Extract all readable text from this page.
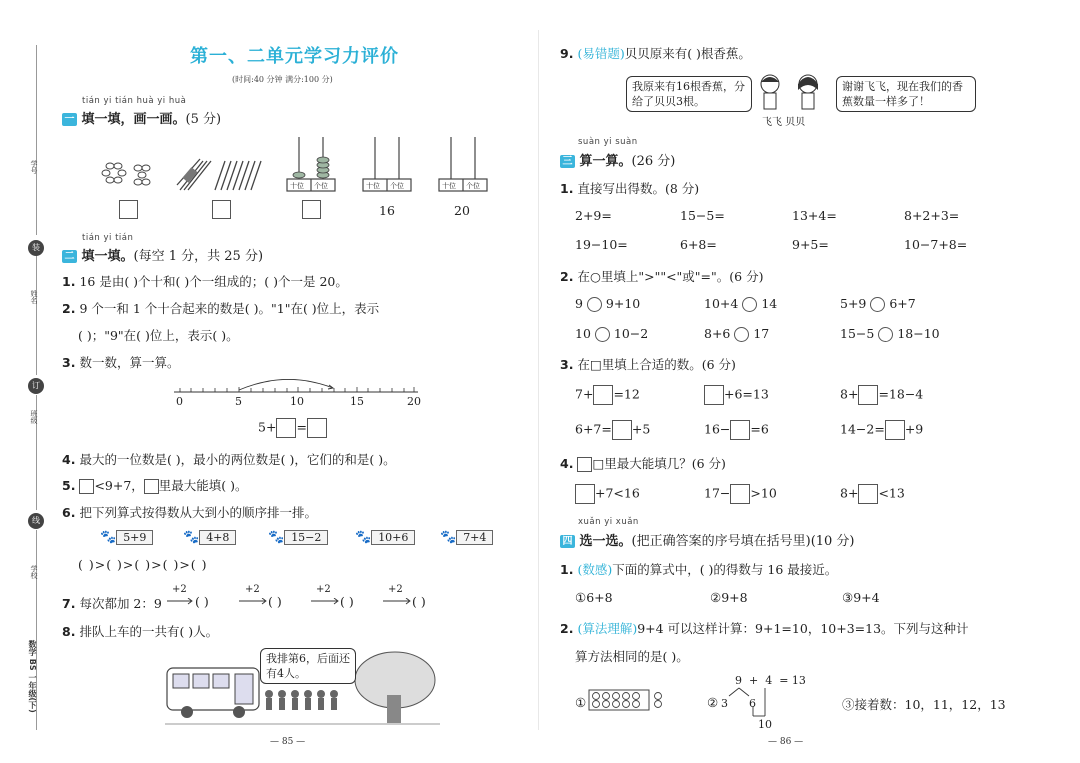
学号
姓名
班级
学校
装
订
线
数学 BS 一年级(下)
第一、二单元学习力评价
(时间:40 分钟 满分:100 分)
tián yi tián huà yi huà
一 填一填，画一画。(5 分)
十位 个位	十位 个位	十位 个位
16	20
tián yi tián
二 填一填。(每空 1 分，共 25 分)
1. 16 是由( )个十和( )个一组成的；( )个一是 20。
2. 9 个一和 1 个十合起来的数是( )。"1"在( )位上，表示
( )；"9"在( )位上，表示( )。
3. 数一数，算一算。
0	5	10	15	20
5+ =
4. 最大的一位数是( )，最小的两位数是( )，它们的和是( )。
5. <9+7， 里最大能填( )。
6. 把下列算式按得数从大到小的顺序排一排。
🐾 5+9	🐾 4+8	🐾 15−2	🐾 10+6	🐾 7+4
( )>( )>( )>( )>( )
7. 每次都加 2：9
+2
( )
+2
( )
+2
( )
+2
( )
8. 排队上车的一共有( )人。
我排第6，后面还有4人。
— 85 —
9. (易错题)贝贝原来有( )根香蕉。
我原来有16根香蕉，分给了贝贝3根。
谢谢飞飞，现在我们的香蕉数量一样多了！
飞飞 贝贝
suàn yi suàn
三 算一算。(26 分)
1. 直接写出得数。(8 分)
2+9=	15−5=	13+4=	8+2+3=
19−10=	6+8=	9+5=	10−7+8=
2. 在○里填上">""<"或"="。(6 分)
9 9+10	10+4 14	5+9 6+7
10 10−2	8+6 17	15−5 18−10
3. 在□里填上合适的数。(6 分)
7+ =12	+6=13	8+ =18−4
6+7= +5	16− =6	14−2= +9
4. □里最大能填几？(6 分)
+7<16	17− >10	8+ <13
xuǎn yi xuǎn
四 选一选。(把正确答案的序号填在括号里)(10 分)
1. (数感)下面的算式中，( )的得数与 16 最接近。
①6+8	②9+8	③9+4
2. (算法理解)9+4 可以这样计算：9+1=10，10+3=13。下列与这种计
算方法相同的是( )。
①	②
9  +  4  = 13
3 6
10
③接着数：10，11，12，13
— 86 —
